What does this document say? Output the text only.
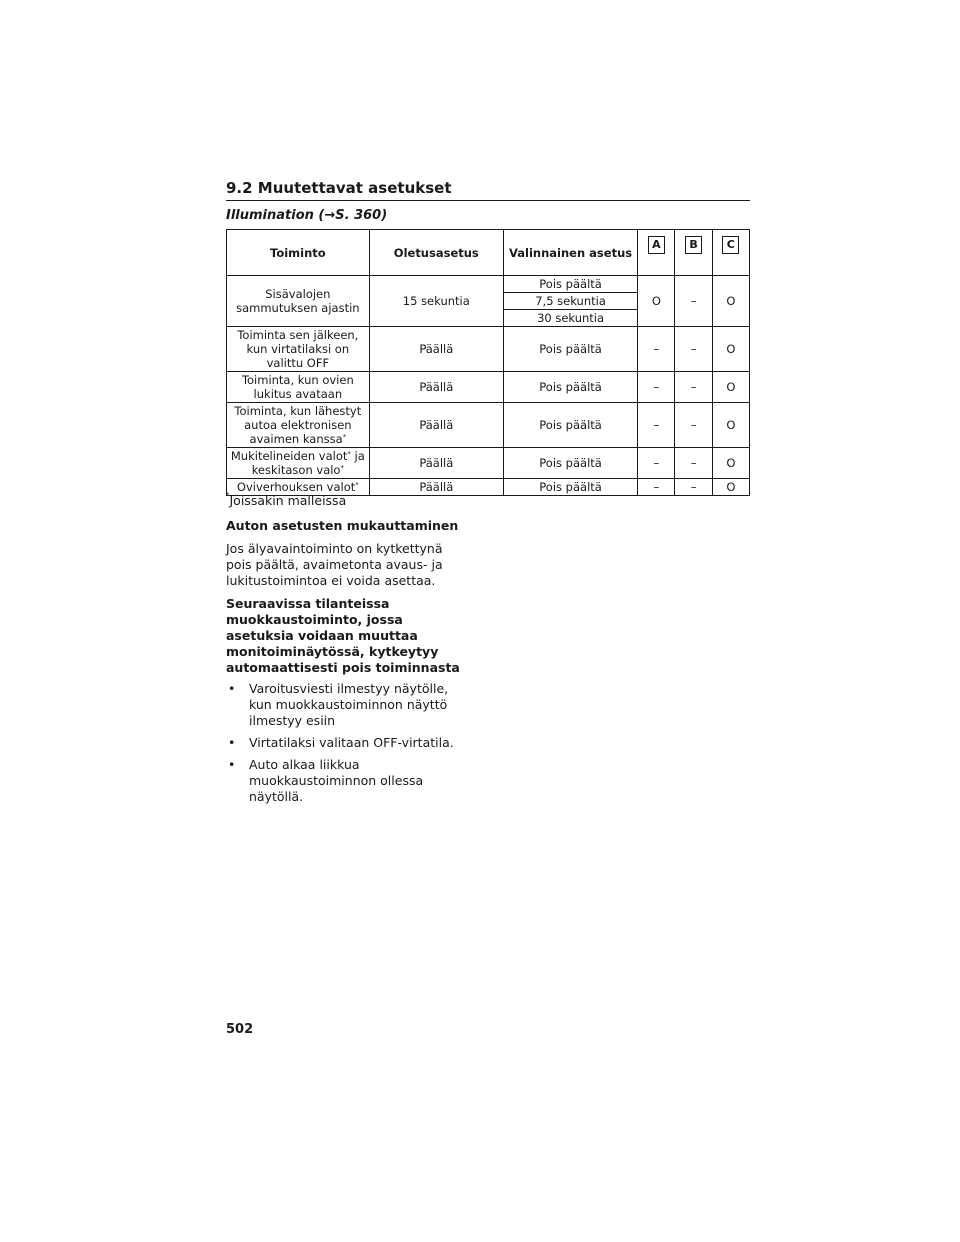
9.2 Muutettavat asetukset
Illumination (→S. 360)
Toiminto	Oletusasetus	Valinnainen asetus	A	B	C
Sisävalojen sammutuksen ajastin	15 sekuntia	Pois päältä	O	–	O
		7,5 sekuntia			
		30 sekuntia			
Toiminta sen jälkeen, kun virtatilaksi on valittu OFF	Päällä	Pois päältä	–	–	O
Toiminta, kun ovien lukitus avataan	Päällä	Pois päältä	–	–	O
Toiminta, kun lähestyt autoa elektronisen avaimen kanssa*	Päällä	Pois päältä	–	–	O
Mukitelineiden valot* ja keskitason valo*	Päällä	Pois päältä	–	–	O
Oviverhouksen valot*	Päällä	Pois päältä	–	–	O
*Joissakin malleissa
Auton asetusten mukauttaminen
Jos älyavaintoiminto on kytkettynä pois päältä, avaimetonta avaus- ja lukitustoimintoa ei voida asettaa.
Seuraavissa tilanteissa muokkaustoiminto, jossa asetuksia voidaan muuttaa monitoiminäytössä, kytkeytyy automaattisesti pois toiminnasta
• Varoitusviesti ilmestyy näytölle, kun muokkaustoiminnon näyttö ilmestyy esiin
• Virtatilaksi valitaan OFF-virtatila.
• Auto alkaa liikkua muokkaustoiminnon ollessa näytöllä.
502
